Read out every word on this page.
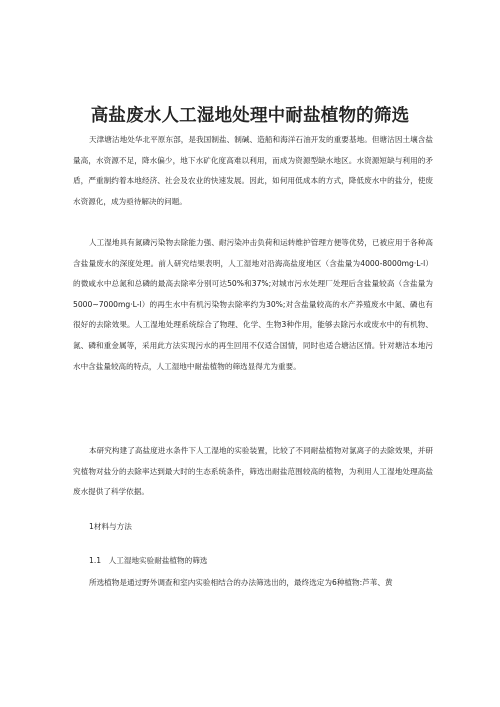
高盐废水人工湿地处理中耐盐植物的筛选

天津塘沽地处华北平原东部，是我国制盐、制碱、造船和海洋石油开发的重要基地。但塘沽因土壤含盐量高，水资源不足，降水偏少，地下水矿化度高难以利用，而成为资源型缺水地区。水资源短缺与利用的矛盾，严重制约着本地经济、社会及农业的快速发展。因此，如何用低成本的方式，降低废水中的盐分，使废水资源化，成为亟待解决的问题。

人工湿地具有氮磷污染物去除能力强、耐污染冲击负荷和运转维护管理方便等优势，已被应用于各种高含盐量废水的深度处理。前人研究结果表明，人工湿地对沿海高盐度地区（含盐量为4000-8000mg·L-l）的微咸水中总氮和总磷的最高去除率分别可达50%和37%;对城市污水处理厂处理后含盐量较高（含盐量为5000~7000mg·L-l）的再生水中有机污染物去除率约为30%;对含盐量较高的水产养殖废水中氮、磷也有很好的去除效果。人工湿地处理系统综合了物理、化学、生物3种作用，能够去除污水或废水中的有机物、氮、磷和重金属等，采用此方法实现污水的再生回用不仅适合国情，同时也适合塘沽区情。针对塘沽本地污水中含盐量较高的特点，人工湿地中耐盐植物的筛选显得尤为重要。

本研究构建了高盐度进水条件下人工湿地的实验装置，比较了不同耐盐植物对氯离子的去除效果，并研究植物对盐分的去除率达到最大时的生态系统条件，筛选出耐盐范围较高的植物，为利用人工湿地处理高盐废水提供了科学依据。

1材料与方法

1.1　人工湿地实验耐盐植物的筛选

所选植物是通过野外调查和室内实验相结合的办法筛选出的，最终选定为6种植物:芦苇、黄
